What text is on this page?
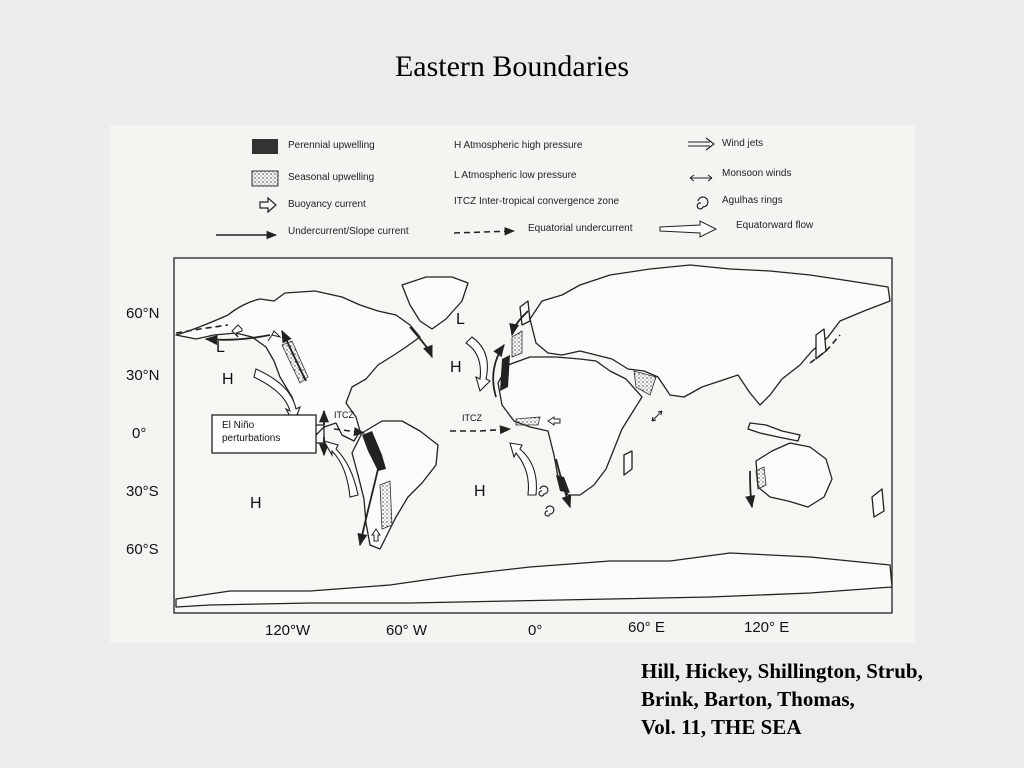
Eastern Boundaries
Perennial upwelling
Seasonal upwelling
Buoyancy current
Undercurrent/Slope current
H Atmospheric high pressure
L Atmospheric low pressure
ITCZ Inter-tropical convergence zone
Equatorial undercurrent
Wind jets
Monsoon winds
Agulhas rings
Equatorward flow
60°N
30°N
0°
30°S
60°S
120°W	60° W	0°	60° E	120° E
L
H
H
L
H
H
ITCZ	ITCZ
El Niño
perturbations
Hill, Hickey, Shillington, Strub,
Brink, Barton, Thomas,
Vol. 11, THE SEA
